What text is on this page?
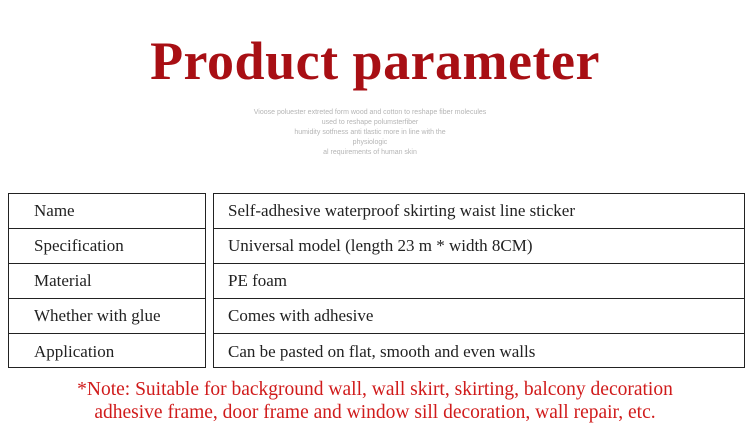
Product parameter
Vioose poluester extreted form wood and cotton to reshape fiber molecules
used to reshape polumsterfiber
humidity sotfness anti tlastic more in line with the
physiologic
al requirements of human skin
Name
Specification
Material
Whether with glue
Application
Self-adhesive waterproof skirting waist line sticker
Universal model (length 23 m * width 8CM)
PE foam
Comes with adhesive
Can be pasted on flat, smooth and even walls
*Note: Suitable for background wall, wall skirt, skirting, balcony decoration
adhesive frame, door frame and window sill decoration, wall repair, etc.
